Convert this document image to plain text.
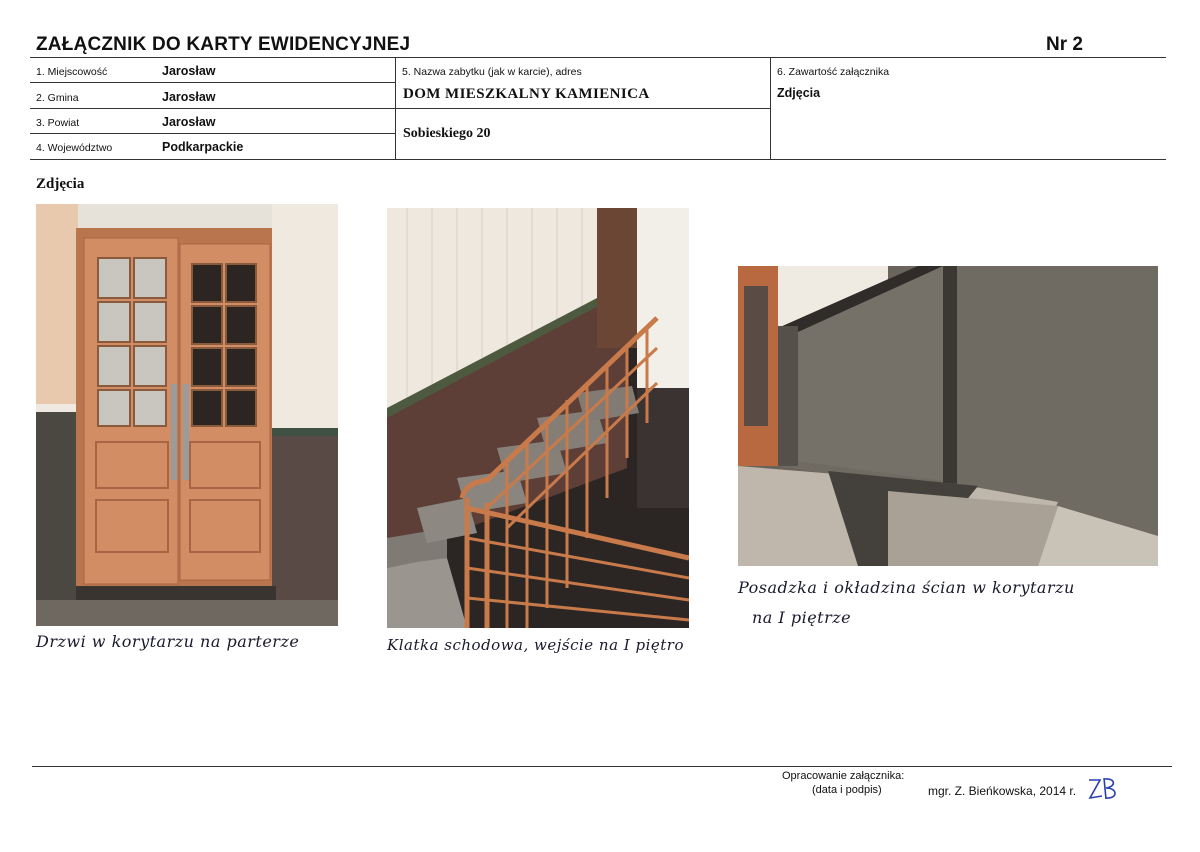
ZAŁĄCZNIK DO KARTY EWIDENCYJNEJ	Nr 2
1. Miejscowość	Jarosław
2. Gmina	Jarosław
3. Powiat	Jarosław
4. Województwo	Podkarpackie
5. Nazwa zabytku (jak w karcie), adres
DOM MIESZKALNY KAMIENICA
Sobieskiego 20
6. Zawartość załącznika
Zdjęcia
Zdjęcia
Drzwi w korytarzu na parterze	Klatka schodowa, wejście na I piętro
Posadzka i okładzina ścian w korytarzu
na I piętrze
Opracowanie załącznika:
(data i podpis)	mgr. Z. Bieńkowska, 2014 r.
